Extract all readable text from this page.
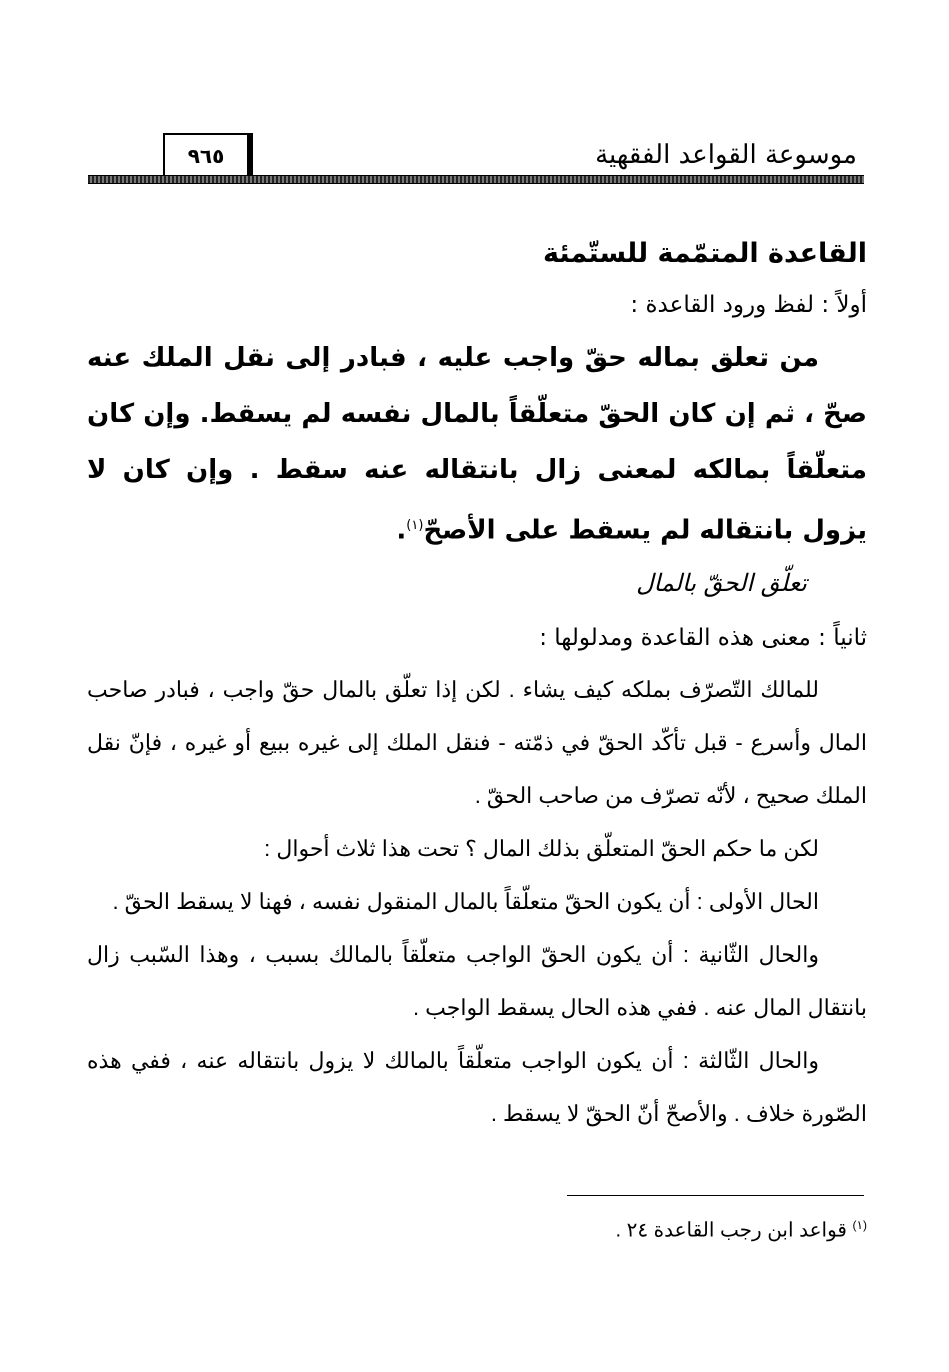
موسوعة القواعد الفقهية
٩٦٥
القاعدة المتمّمة للستّمئة

أولاً : لفظ ورود القاعدة :

من تعلق بماله حقّ واجب عليه ، فبادر إلى نقل الملك عنه صحّ ، ثم إن كان الحقّ متعلّقاً بالمال نفسه لم يسقط. وإن كان متعلّقاً بمالكه لمعنى زال بانتقاله عنه سقط . وإن كان لا يزول بانتقاله لم يسقط على الأصحّ$^{(١)}$.

تعلّق الحقّ بالمال

ثانياً : معنى هذه القاعدة ومدلولها :

للمالك التّصرّف بملكه كيف يشاء . لكن إذا تعلّق بالمال حقّ واجب ، فبادر صاحب المال وأسرع - قبل تأكّد الحقّ في ذمّته - فنقل الملك إلى غيره ببيع أو غيره ، فإنّ نقل الملك صحيح ، لأنّه تصرّف من صاحب الحقّ .

لكن ما حكم الحقّ المتعلّق بذلك المال ؟ تحت هذا ثلاث أحوال :

الحال الأولى : أن يكون الحقّ متعلّقاً بالمال المنقول نفسه ، فهنا لا يسقط الحقّ .

والحال الثّانية : أن يكون الحقّ الواجب متعلّقاً بالمالك بسبب ، وهذا السّبب زال بانتقال المال عنه . ففي هذه الحال يسقط الواجب .

والحال الثّالثة : أن يكون الواجب متعلّقاً بالمالك لا يزول بانتقاله عنه ، ففي هذه الصّورة خلاف . والأصحّ أنّ الحقّ لا يسقط .

$^{(١)}$ قواعد ابن رجب القاعدة ٢٤ .
